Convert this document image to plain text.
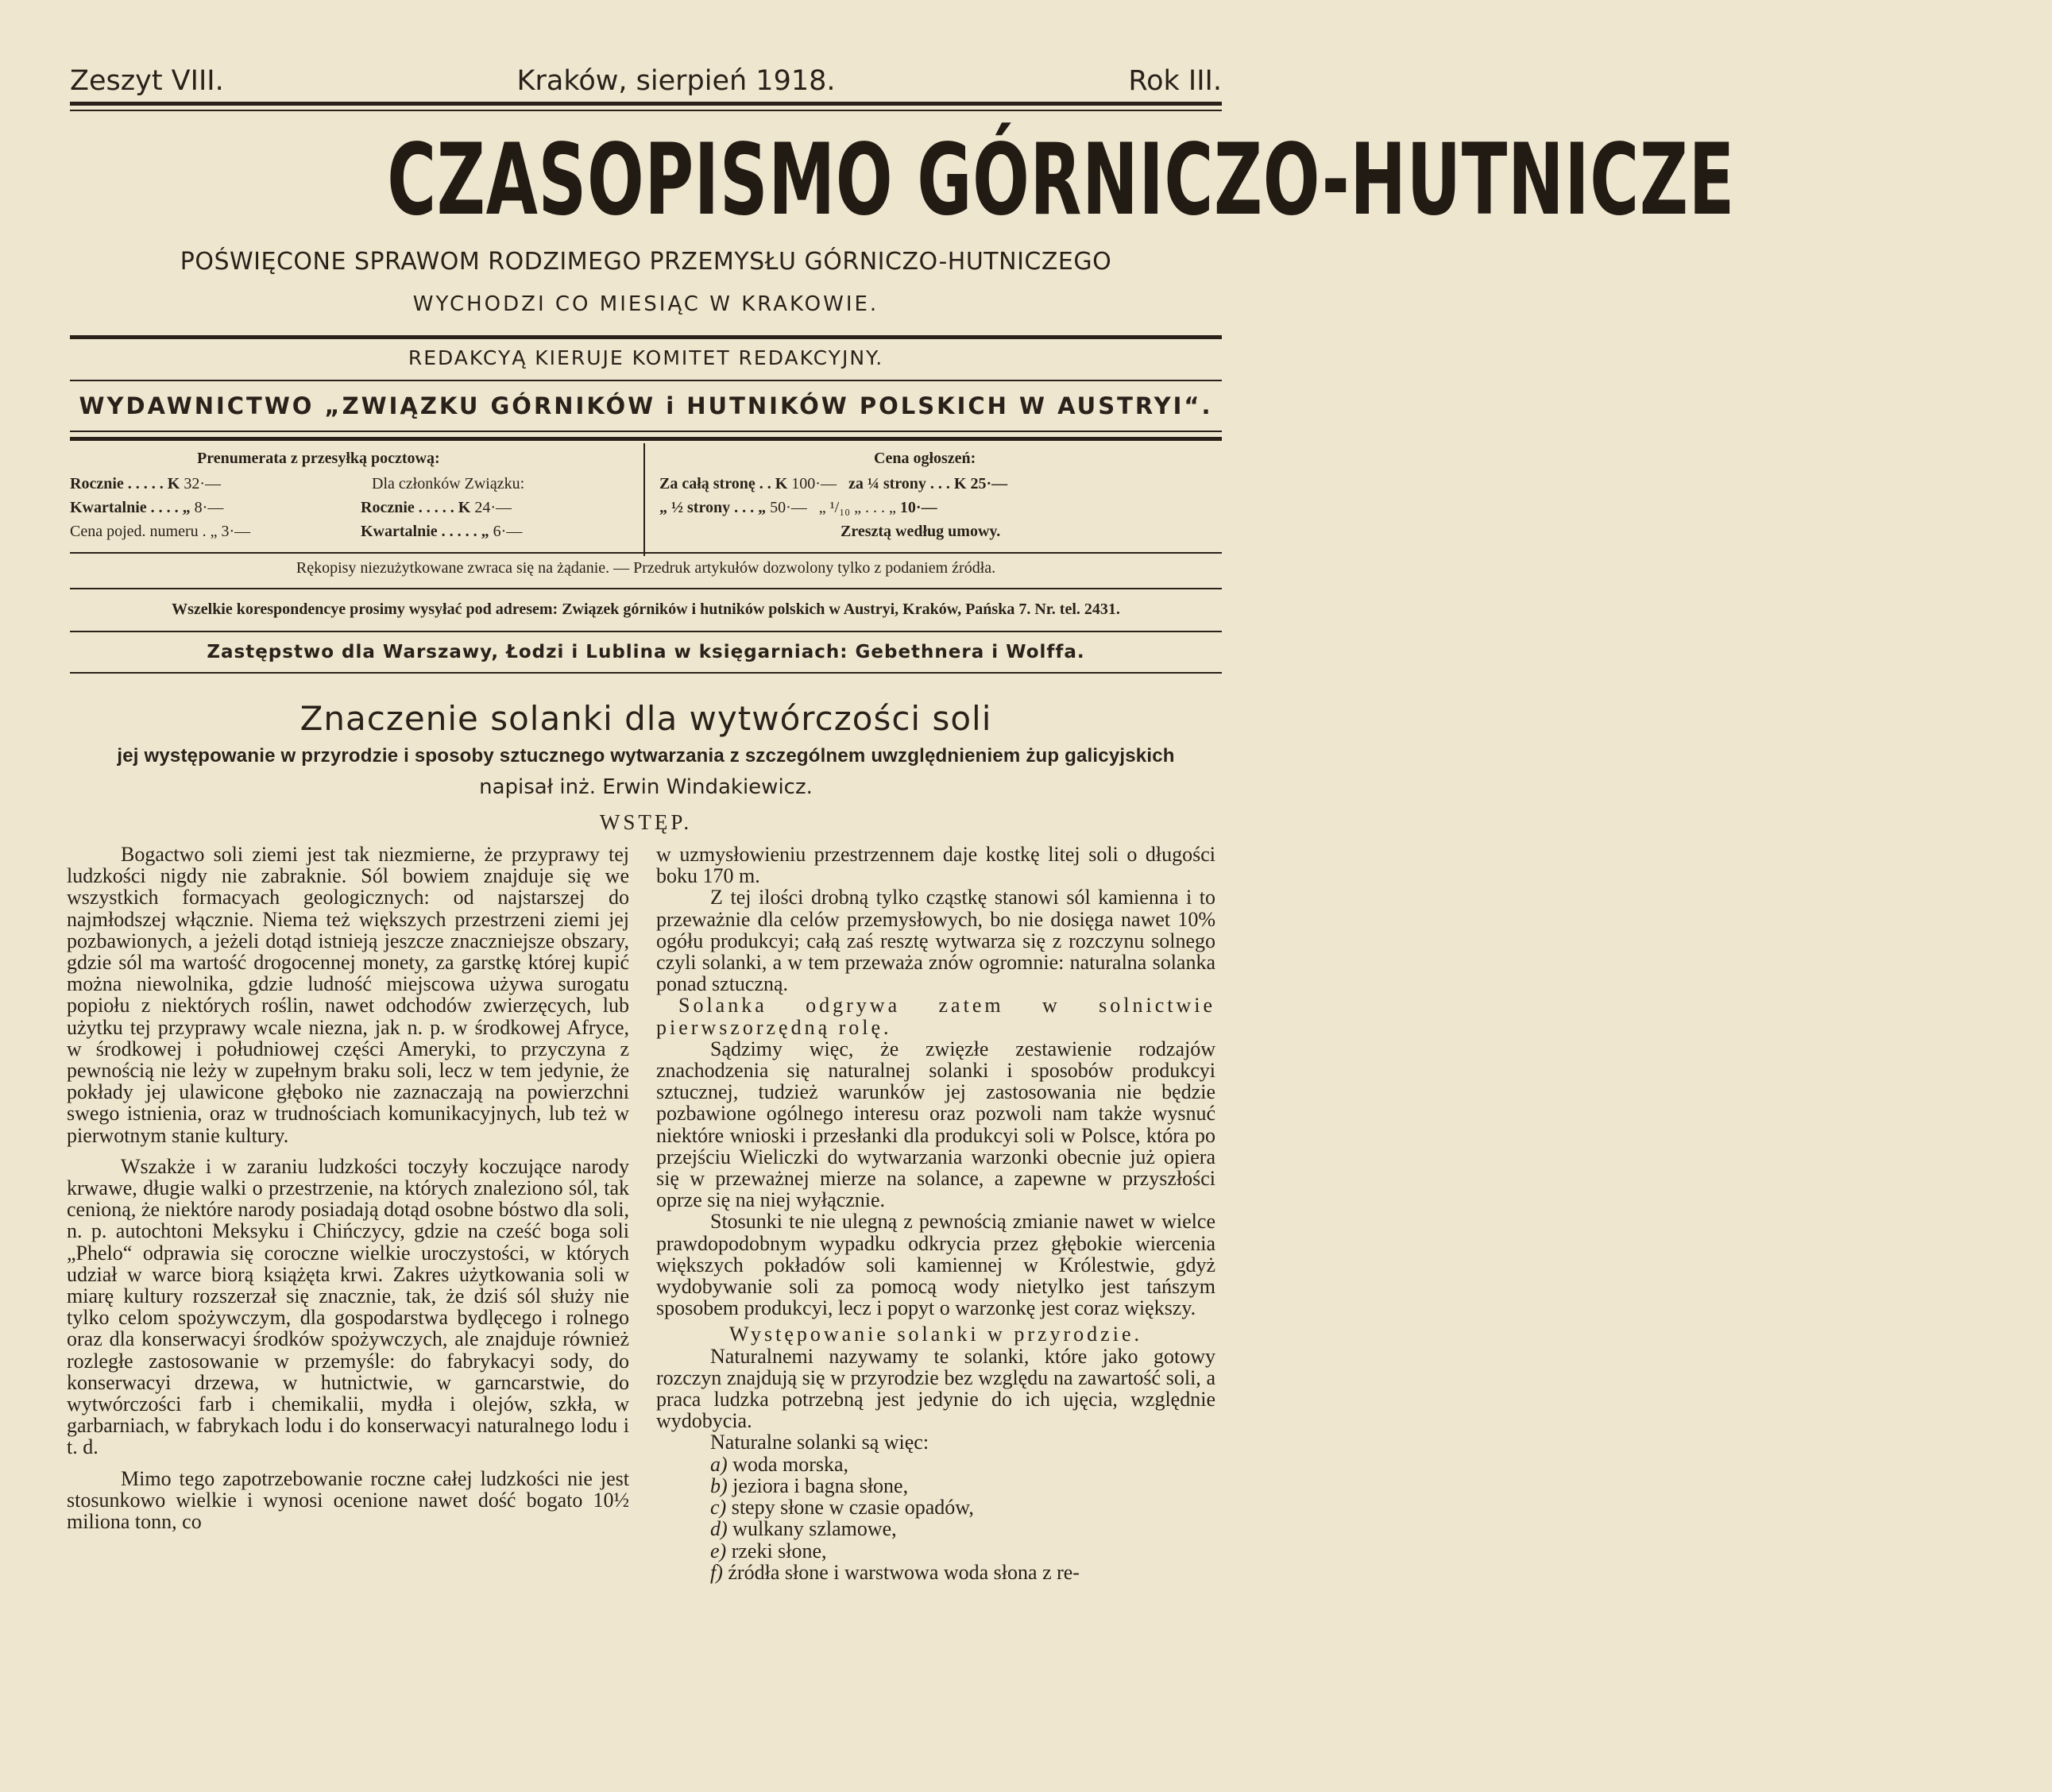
Zeszyt VIII.	Kraków, sierpień 1918.	Rok III.
CZASOPISMO GÓRNICZO-HUTNICZE
POŚWIĘCONE SPRAWOM RODZIMEGO PRZEMYSŁU GÓRNICZO-HUTNICZEGO
WYCHODZI CO MIESIĄC W KRAKOWIE.
REDAKCYĄ KIERUJE KOMITET REDAKCYJNY.
WYDAWNICTWO „ZWIĄZKU GÓRNIKÓW i HUTNIKÓW POLSKICH W AUSTRYI“.
Prenumerata z przesyłką pocztową:
Rocznie . . . . . K 32·—
Kwartalnie . . . . „ 8·—
Cena pojed. numeru . „ 3·—
Dla członków Związku:
Rocznie . . . . . K 24·—
Kwartalnie . . . . . „ 6·—
Cena ogłoszeń:
Za całą stronę . . K 100·— za ¼ strony . . . K 25·—
„ ½ strony . . . „ 50·— „ ¹/₁₀ „ . . . „ 10·—
Zresztą według umowy.
Rękopisy niezużytkowane zwraca się na żądanie. — Przedruk artykułów dozwolony tylko z podaniem źródła.
Wszelkie korespondencye prosimy wysyłać pod adresem: Związek górników i hutników polskich w Austryi, Kraków, Pańska 7. Nr. tel. 2431.
Zastępstwo dla Warszawy, Łodzi i Lublina w księgarniach: Gebethnera i Wolffa.
Znaczenie solanki dla wytwórczości soli
jej występowanie w przyrodzie i sposoby sztucznego wytwarzania z szczególnem uwzględnieniem żup galicyjskich
napisał inż. Erwin Windakiewicz.
WSTĘP.

Bogactwo soli ziemi jest tak niezmierne, że przyprawy tej ludzkości nigdy nie zabraknie. Sól bowiem znajduje się we wszystkich formacyach geologicznych: od najstarszej do najmłodszej włącznie. Niema też większych przestrzeni ziemi jej pozbawionych, a jeżeli dotąd istnieją jeszcze znaczniejsze obszary, gdzie sól ma wartość drogocennej monety, za garstkę której kupić można niewolnika, gdzie ludność miejscowa używa surogatu popiołu z niektórych roślin, nawet odchodów zwierzęcych, lub użytku tej przyprawy wcale niezna, jak n. p. w środkowej Afryce, w środkowej i południowej części Ameryki, to przyczyna z pewnością nie leży w zupełnym braku soli, lecz w tem jedynie, że pokłady jej ulawicone głęboko nie zaznaczają na powierzchni swego istnienia, oraz w trudnościach komunikacyjnych, lub też w pierwotnym stanie kultury.

Wszakże i w zaraniu ludzkości toczyły koczujące narody krwawe, długie walki o przestrzenie, na których znaleziono sól, tak cenioną, że niektóre narody posiadają dotąd osobne bóstwo dla soli, n. p. autochtoni Meksyku i Chińczycy, gdzie na cześć boga soli „Phelo“ odprawia się coroczne wielkie uroczystości, w których udział w warce biorą książęta krwi. Zakres użytkowania soli w miarę kultury rozszerzał się znacznie, tak, że dziś sól służy nie tylko celom spożywczym, dla gospodarstwa bydlęcego i rolnego oraz dla konserwacyi środków spożywczych, ale znajduje również rozległe zastosowanie w przemyśle: do fabrykacyi sody, do konserwacyi drzewa, w hutnictwie, w garncarstwie, do wytwórczości farb i chemikalii, mydła i olejów, szkła, w garbarniach, w fabrykach lodu i do konserwacyi naturalnego lodu i t. d.

Mimo tego zapotrzebowanie roczne całej ludzkości nie jest stosunkowo wielkie i wynosi ocenione nawet dość bogato 10½ miliona tonn, co

w uzmysłowieniu przestrzennem daje kostkę litej soli o długości boku 170 m.

Z tej ilości drobną tylko cząstkę stanowi sól kamienna i to przeważnie dla celów przemysłowych, bo nie dosięga nawet 10% ogółu produkcyi; całą zaś resztę wytwarza się z rozczynu solnego czyli solanki, a w tem przeważa znów ogromnie: naturalna solanka ponad sztuczną.

Solanka odgrywa zatem w solnictwie pierwszorzędną rolę.

Sądzimy więc, że zwięzłe zestawienie rodzajów znachodzenia się naturalnej solanki i sposobów produkcyi sztucznej, tudzież warunków jej zastosowania nie będzie pozbawione ogólnego interesu oraz pozwoli nam także wysnuć niektóre wnioski i przesłanki dla produkcyi soli w Polsce, która po przejściu Wieliczki do wytwarzania warzonki obecnie już opiera się w przeważnej mierze na solance, a zapewne w przyszłości oprze się na niej wyłącznie.

Stosunki te nie ulegną z pewnością zmianie nawet w wielce prawdopodobnym wypadku odkrycia przez głębokie wiercenia większych pokładów soli kamiennej w Królestwie, gdyż wydobywanie soli za pomocą wody nietylko jest tańszym sposobem produkcyi, lecz i popyt o warzonkę jest coraz większy.

Występowanie solanki w przyrodzie.

Naturalnemi nazywamy te solanki, które jako gotowy rozczyn znajdują się w przyrodzie bez względu na zawartość soli, a praca ludzka potrzebną jest jedynie do ich ujęcia, względnie wydobycia.

Naturalne solanki są więc:

a) woda morska,

b) jeziora i bagna słone,

c) stepy słone w czasie opadów,

d) wulkany szlamowe,

e) rzeki słone,

f) źródła słone i warstwowa woda słona z re-
